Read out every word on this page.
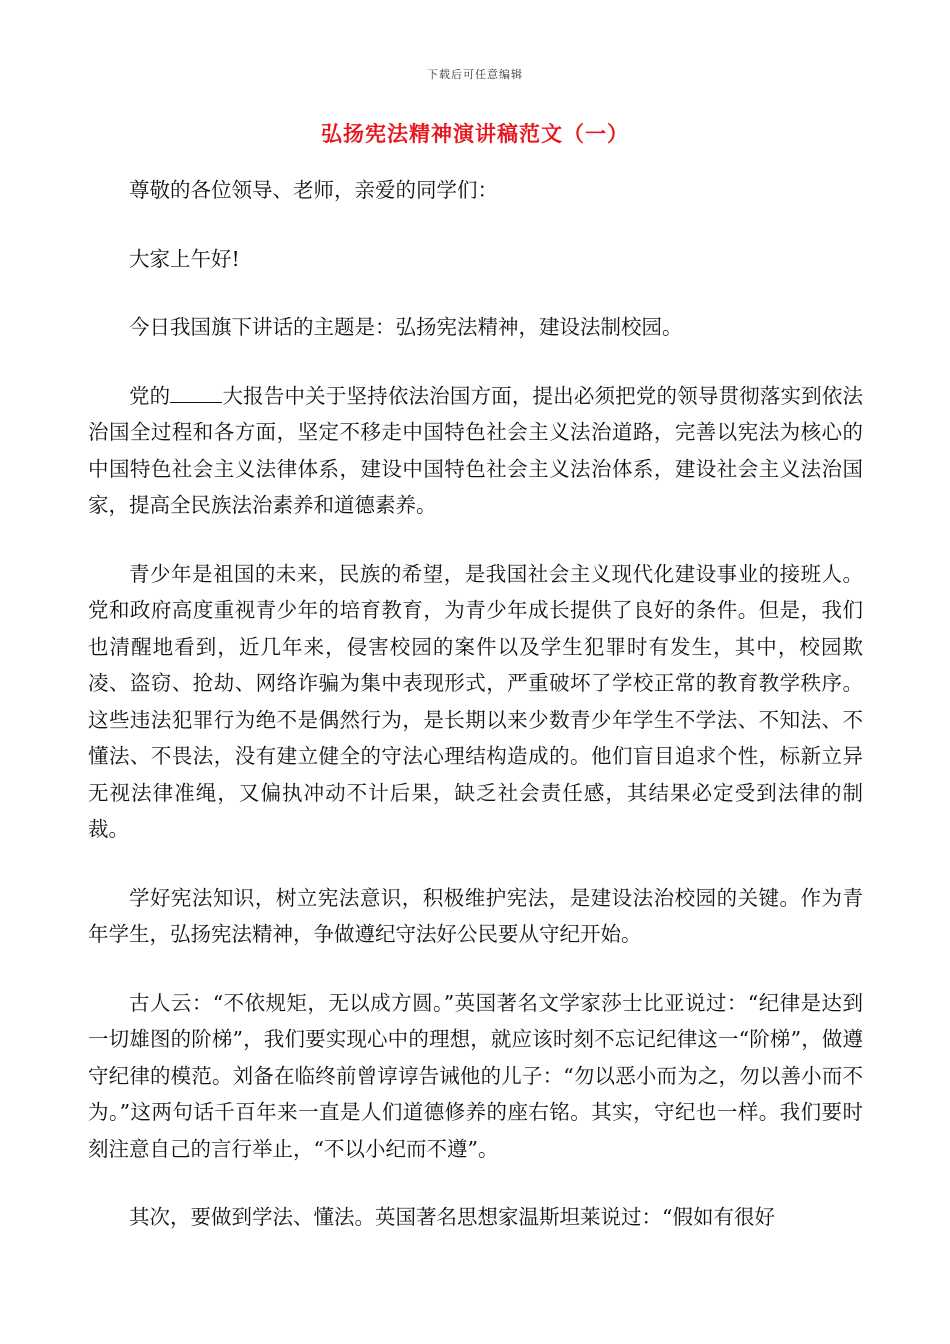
下载后可任意编辑
弘扬宪法精神演讲稿范文（一）

尊敬的各位领导、老师，亲爱的同学们：

大家上午好!

今日我国旗下讲话的主题是：弘扬宪法精神，建设法制校园。

党的	大报告中关于坚持依法治国方面，提出必须把党的领导贯彻落实到依法治国全过程和各方面，坚定不移走中国特色社会主义法治道路，完善以宪法为核心的中国特色社会主义法律体系，建设中国特色社会主义法治体系，建设社会主义法治国家，提高全民族法治素养和道德素养。

青少年是祖国的未来，民族的希望，是我国社会主义现代化建设事业的接班人。党和政府高度重视青少年的培育教育，为青少年成长提供了良好的条件。但是，我们也清醒地看到，近几年来，侵害校园的案件以及学生犯罪时有发生，其中，校园欺凌、盗窃、抢劫、网络诈骗为集中表现形式，严重破坏了学校正常的教育教学秩序。这些违法犯罪行为绝不是偶然行为，是长期以来少数青少年学生不学法、不知法、不懂法、不畏法，没有建立健全的守法心理结构造成的。他们盲目追求个性，标新立异无视法律准绳，又偏执冲动不计后果，缺乏社会责任感，其结果必定受到法律的制裁。

学好宪法知识，树立宪法意识，积极维护宪法，是建设法治校园的关键。作为青年学生，弘扬宪法精神，争做遵纪守法好公民要从守纪开始。

古人云：“不依规矩，无以成方圆。”英国著名文学家莎士比亚说过：“纪律是达到一切雄图的阶梯”，我们要实现心中的理想，就应该时刻不忘记纪律这一“阶梯”，做遵守纪律的模范。刘备在临终前曾谆谆告诫他的儿子：“勿以恶小而为之，勿以善小而不为。”这两句话千百年来一直是人们道德修养的座右铭。其实，守纪也一样。我们要时刻注意自己的言行举止，“不以小纪而不遵”。

其次，要做到学法、懂法。英国著名思想家温斯坦莱说过：“假如有很好
